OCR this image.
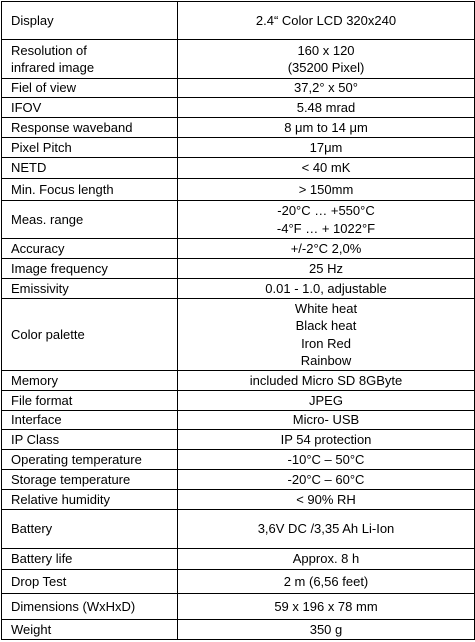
Display	2.4“ Color LCD 320x240

Resolution of
infrared image	160 x 120
(35200 Pixel)

Fiel of view	37,2° x 50°

IFOV	5.48 mrad

Response waveband	8 μm to 14 μm

Pixel Pitch	17μm

NETD	< 40 mK

Min. Focus length	> 150mm

Meas. range	-20°C … +550°C
-4°F … + 1022°F

Accuracy	+/-2°C 2,0%

Image frequency	25 Hz

Emissivity	0.01 - 1.0, adjustable

Color palette	White heat
Black heat
Iron Red
Rainbow

Memory	included Micro SD 8GByte

File format	JPEG

Interface	Micro- USB

IP Class	IP 54 protection

Operating temperature	-10°C – 50°C

Storage temperature	-20°C – 60°C

Relative humidity	< 90% RH

Battery	3,6V DC /3,35 Ah Li-Ion

Battery life	Approx. 8 h

Drop Test	2 m (6,56 feet)

Dimensions (WxHxD)	59 x 196 x 78 mm

Weight	350 g
